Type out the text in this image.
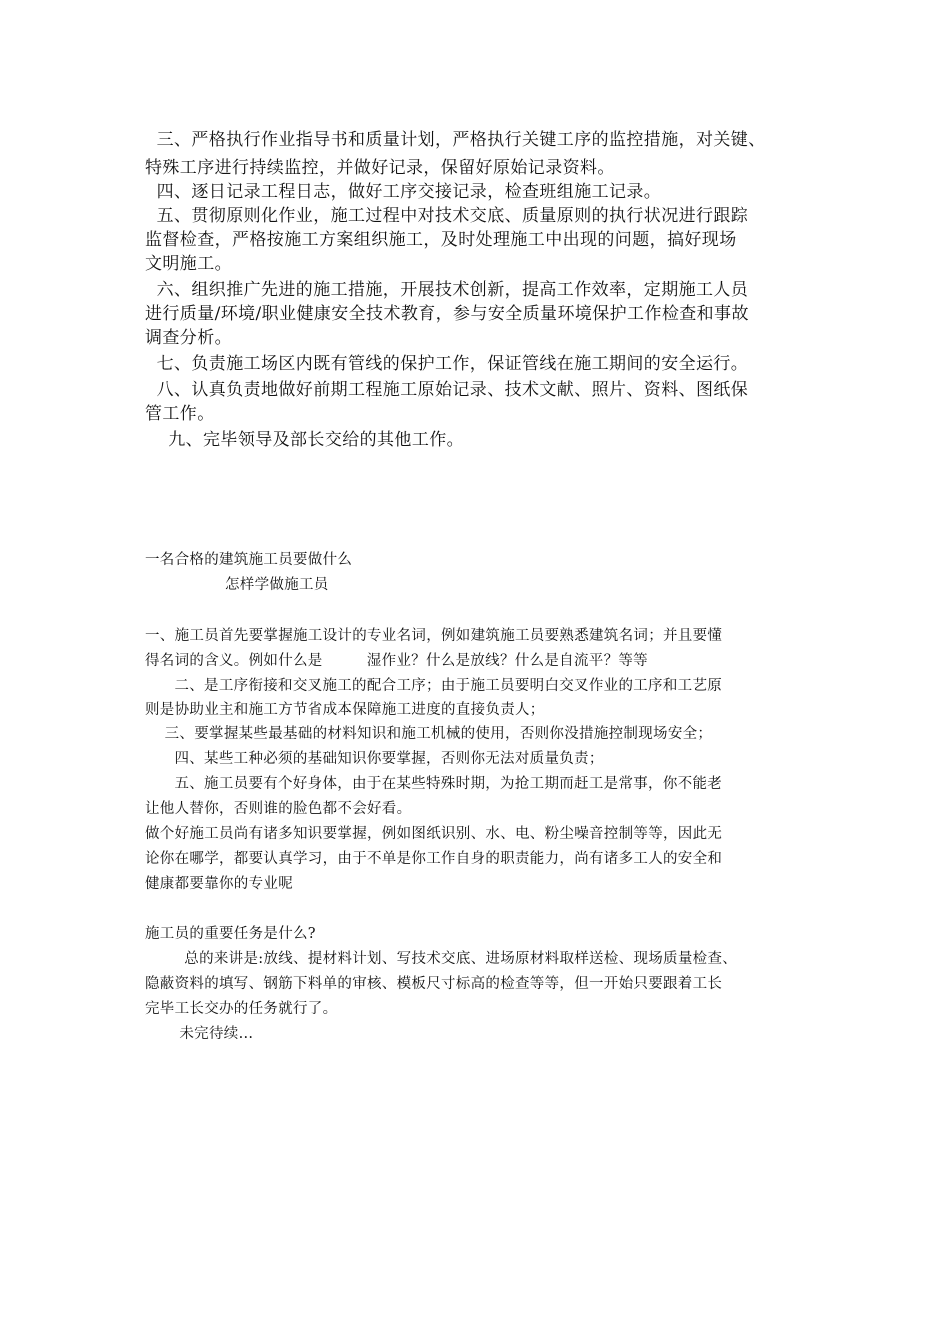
三、严格执行作业指导书和质量计划，严格执行关键工序的监控措施，对关键、

特殊工序进行持续监控，并做好记录，保留好原始记录资料。

四、逐日记录工程日志，做好工序交接记录，检查班组施工记录。

五、贯彻原则化作业，施工过程中对技术交底、质量原则的执行状况进行跟踪

监督检查，严格按施工方案组织施工，及时处理施工中出现的问题，搞好现场

文明施工。

六、组织推广先进的施工措施，开展技术创新，提高工作效率，定期施工人员

进行质量/环境/职业健康安全技术教育，参与安全质量环境保护工作检查和事故

调查分析。

七、负责施工场区内既有管线的保护工作，保证管线在施工期间的安全运行。

八、认真负责地做好前期工程施工原始记录、技术文献、照片、资料、图纸保

管工作。

九、完毕领导及部长交给的其他工作。

一名合格的建筑施工员要做什么

怎样学做施工员

一、施工员首先要掌握施工设计的专业名词，例如建筑施工员要熟悉建筑名词；并且要懂

得名词的含义。例如什么是         湿作业？什么是放线？什么是自流平？等等

二、是工序衔接和交叉施工的配合工序；由于施工员要明白交叉作业的工序和工艺原

则是协助业主和施工方节省成本保障施工进度的直接负责人；

三、要掌握某些最基础的材料知识和施工机械的使用，否则你没措施控制现场安全；

四、某些工种必须的基础知识你要掌握，否则你无法对质量负责；

五、施工员要有个好身体，由于在某些特殊时期，为抢工期而赶工是常事，你不能老

让他人替你，否则谁的脸色都不会好看。

做个好施工员尚有诸多知识要掌握，例如图纸识别、水、电、粉尘噪音控制等等，因此无

论你在哪学，都要认真学习，由于不单是你工作自身的职责能力，尚有诸多工人的安全和

健康都要靠你的专业呢

施工员的重要任务是什么?

总的来讲是:放线、提材料计划、写技术交底、进场原材料取样送检、现场质量检查、

隐蔽资料的填写、钢筋下料单的审核、模板尺寸标高的检查等等，但一开始只要跟着工长

完毕工长交办的任务就行了。

未完待续...
